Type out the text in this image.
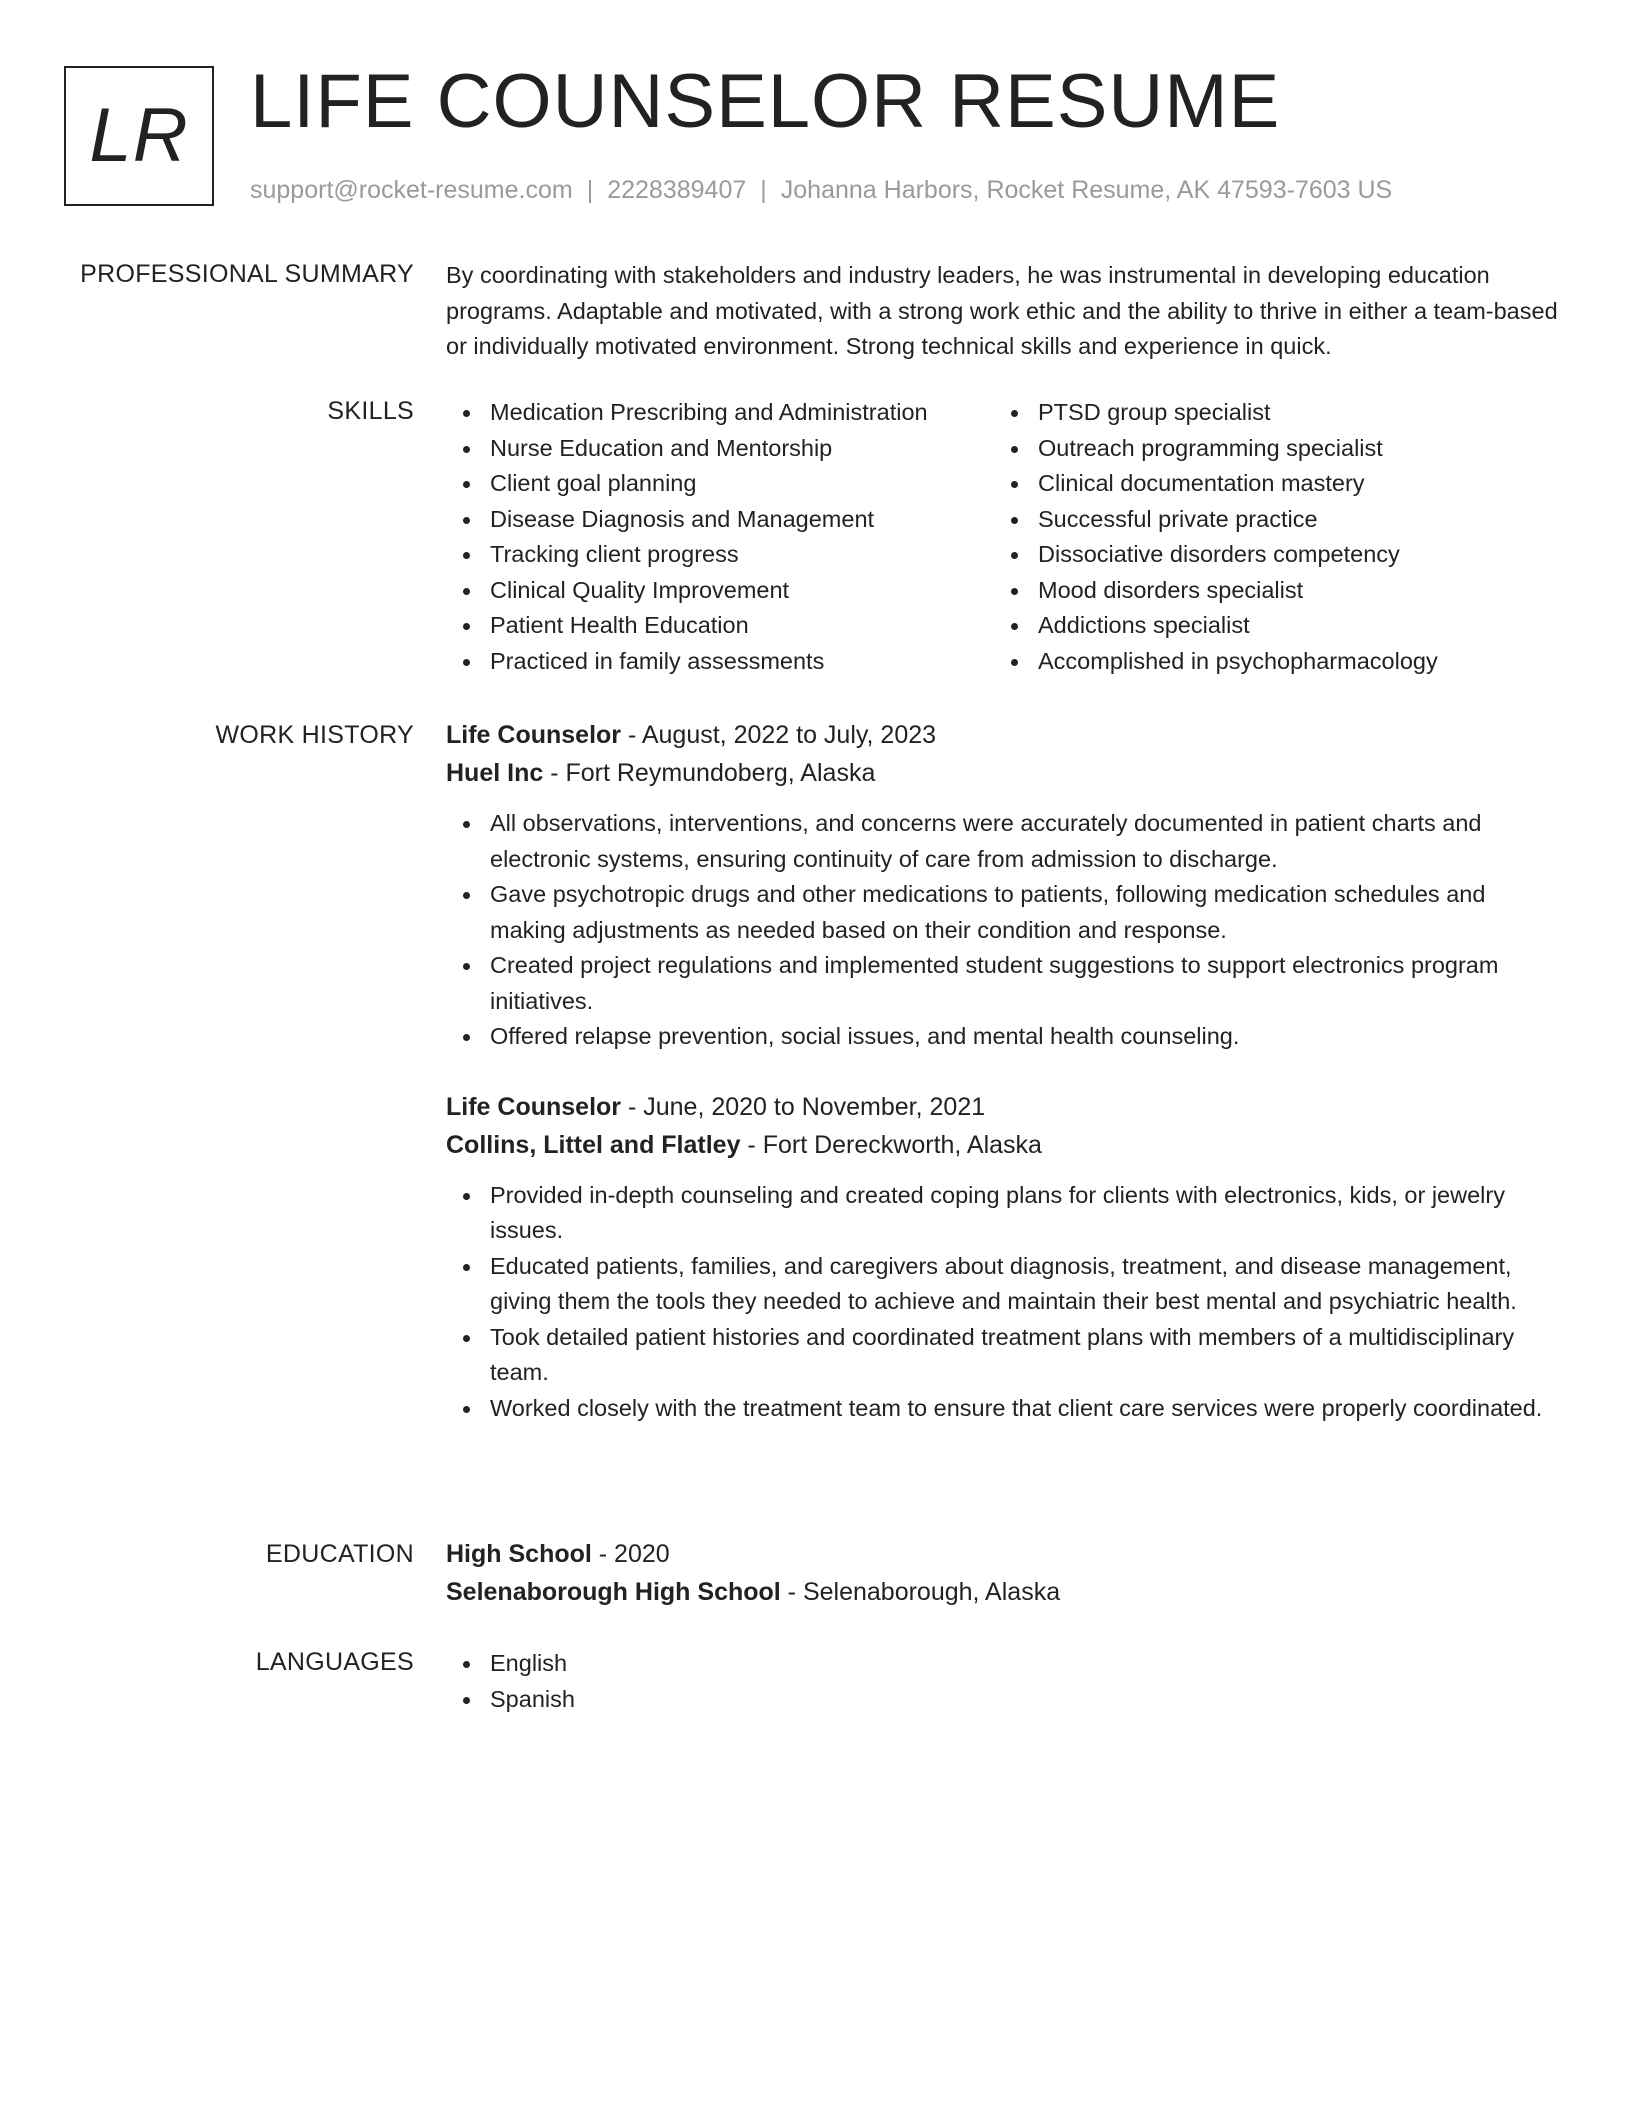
LR LIFE COUNSELOR RESUME
support@rocket-resume.com | 2228389407 | Johanna Harbors, Rocket Resume, AK 47593-7603 US
PROFESSIONAL SUMMARY By coordinating with stakeholders and industry leaders, he was instrumental in developing education programs. Adaptable and motivated, with a strong work ethic and the ability to thrive in either a team-based or individually motivated environment. Strong technical skills and experience in quick.

SKILLS	Medication Prescribing and Administration
Nurse Education and Mentorship
Client goal planning
Disease Diagnosis and Management
Tracking client progress
Clinical Quality Improvement
Patient Health Education
Practiced in family assessments
PTSD group specialist
Outreach programming specialist
Clinical documentation mastery
Successful private practice
Dissociative disorders competency
Mood disorders specialist
Addictions specialist
Accomplished in psychopharmacology
WORK HISTORY Life Counselor - August, 2022 to July, 2023
Huel Inc - Fort Reymundoberg, Alaska
All observations, interventions, and concerns were accurately documented in patient charts and electronic systems, ensuring continuity of care from admission to discharge.
Gave psychotropic drugs and other medications to patients, following medication schedules and making adjustments as needed based on their condition and response.
Created project regulations and implemented student suggestions to support electronics program initiatives.
Offered relapse prevention, social issues, and mental health counseling.
Life Counselor - June, 2020 to November, 2021
Collins, Littel and Flatley - Fort Dereckworth, Alaska
Provided in-depth counseling and created coping plans for clients with electronics, kids, or jewelry issues.
Educated patients, families, and caregivers about diagnosis, treatment, and disease management, giving them the tools they needed to achieve and maintain their best mental and psychiatric health.
Took detailed patient histories and coordinated treatment plans with members of a multidisciplinary team.
Worked closely with the treatment team to ensure that client care services were properly coordinated.
EDUCATION High School - 2020
Selenaborough High School - Selenaborough, Alaska
LANGUAGES	English
Spanish
